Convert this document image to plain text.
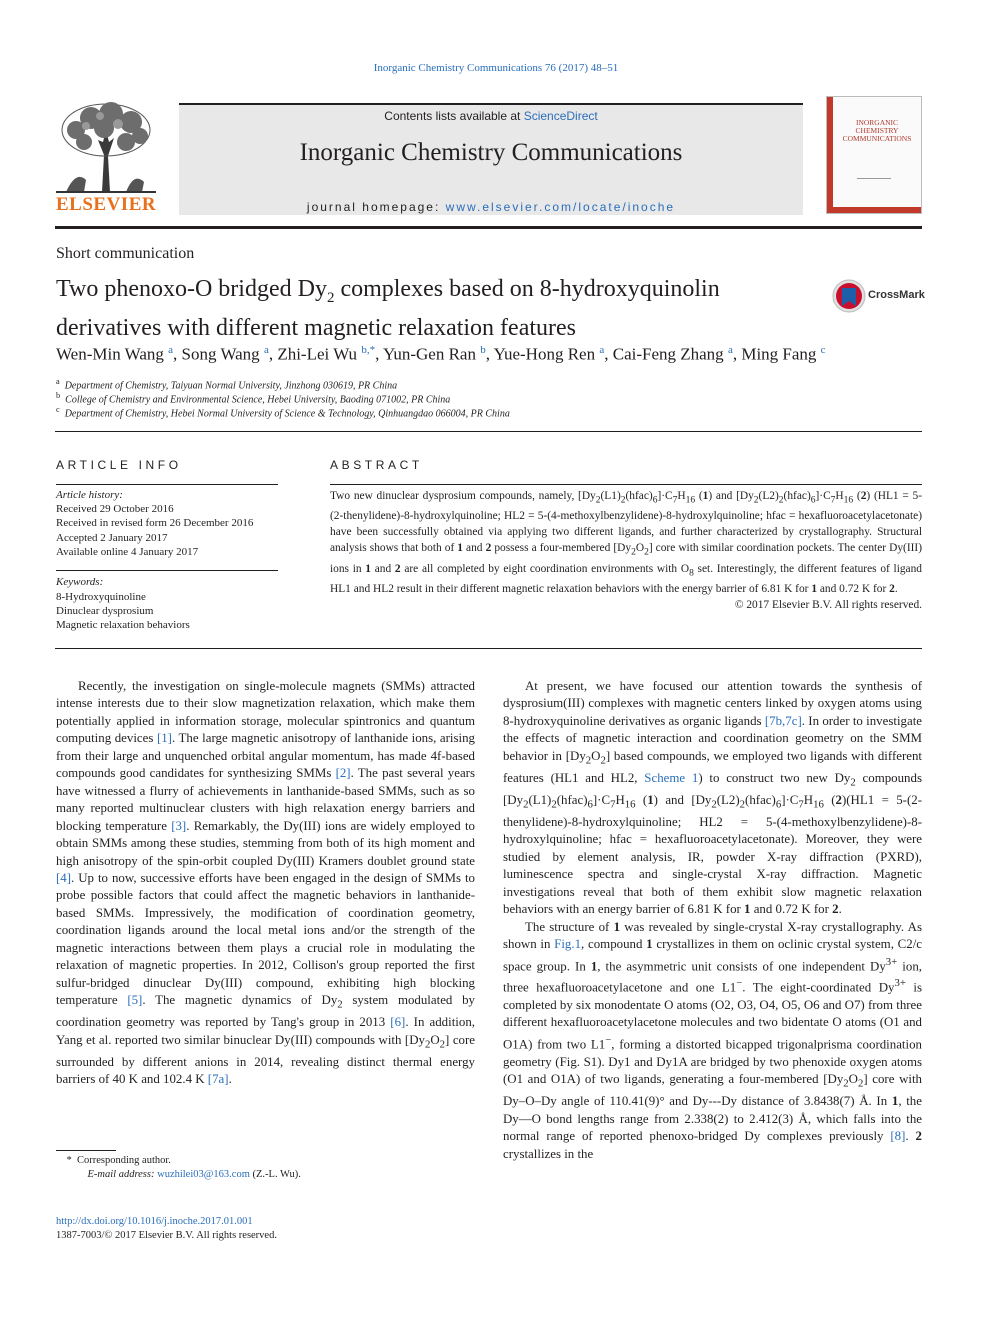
Inorganic Chemistry Communications 76 (2017) 48–51
ELSEVIER
Contents lists available at ScienceDirect
Inorganic Chemistry Communications
journal homepage: www.elsevier.com/locate/inoche
INORGANIC CHEMISTRY COMMUNICATIONS
Short communication
Two phenoxo-O bridged $Dy_2$ complexes based on 8-hydroxyquinolin
derivatives with different magnetic relaxation features
CrossMark
Wen-Min Wang $^a$, Song Wang $^a$, Zhi-Lei Wu $^{b,*}$, Yun-Gen Ran $^b$, Yue-Hong Ren $^a$, Cai-Feng Zhang $^a$, Ming Fang $^c$
$^a$ Department of Chemistry, Taiyuan Normal University, Jinzhong 030619, PR China
$^b$ College of Chemistry and Environmental Science, Hebei University, Baoding 071002, PR China
$^c$ Department of Chemistry, Hebei Normal University of Science & Technology, Qinhuangdao 066004, PR China
ARTICLE INFO
Article history:
Received 29 October 2016
Received in revised form 26 December 2016
Accepted 2 January 2017
Available online 4 January 2017
Keywords:
8-Hydroxyquinoline
Dinuclear dysprosium
Magnetic relaxation behaviors
ABSTRACT
Two new dinuclear dysprosium compounds, namely, $[Dy_2(L1)_2(hfac)_6]\cdot C_7H_{16}$ (1) and $[Dy_2(L2)_2(hfac)_6]\cdot C_7H_{16}$ (2) (HL1 = 5-(2-thenylidene)-8-hydroxylquinoline; HL2 = 5-(4-methoxylbenzylidene)-8-hydroxylquinoline; hfac = hexafluoroacetylacetonate) have been successfully obtained via applying two different ligands, and further characterized by crystallography. Structural analysis shows that both of 1 and 2 possess a four-membered $[Dy_2O_2]$ core with similar coordination pockets. The center Dy(III) ions in 1 and 2 are all completed by eight coordination environments with $O_8$ set. Interestingly, the different features of ligand HL1 and HL2 result in their different magnetic relaxation behaviors with the energy barrier of 6.81 K for 1 and 0.72 K for 2.
© 2017 Elsevier B.V. All rights reserved.

Recently, the investigation on single-molecule magnets (SMMs) attracted intense interests due to their slow magnetization relaxation, which make them potentially applied in information storage, molecular spintronics and quantum computing devices [1]. The large magnetic anisotropy of lanthanide ions, arising from their large and unquenched orbital angular momentum, has made 4f-based compounds good candidates for synthesizing SMMs [2]. The past several years have witnessed a flurry of achievements in lanthanide-based SMMs, such as so many reported multinuclear clusters with high relaxation energy barriers and blocking temperature [3]. Remarkably, the Dy(III) ions are widely employed to obtain SMMs among these studies, stemming from both of its high moment and high anisotropy of the spin-orbit coupled Dy(III) Kramers doublet ground state [4]. Up to now, successive efforts have been engaged in the design of SMMs to probe possible factors that could affect the magnetic behaviors in lanthanide-based SMMs. Impressively, the modification of coordination geometry, coordination ligands around the local metal ions and/or the strength of the magnetic interactions between them plays a crucial role in modulating the relaxation of magnetic properties. In 2012, Collison's group reported the first sulfur-bridged dinuclear Dy(III) compound, exhibiting high blocking temperature [5]. The magnetic dynamics of $Dy_2$ system modulated by coordination geometry was reported by Tang's group in 2013 [6]. In addition, Yang et al. reported two similar binuclear Dy(III) compounds with $[Dy_2O_2]$ core surrounded by different anions in 2014, revealing distinct thermal energy barriers of 40 K and 102.4 K [7a].

*  Corresponding author.
E-mail address: wuzhilei03@163.com (Z.-L. Wu).
http://dx.doi.org/10.1016/j.inoche.2017.01.001
1387-7003/© 2017 Elsevier B.V. All rights reserved.

At present, we have focused our attention towards the synthesis of dysprosium(III) complexes with magnetic centers linked by oxygen atoms using 8-hydroxyquinoline derivatives as organic ligands [7b,7c]. In order to investigate the effects of magnetic interaction and coordination geometry on the SMM behavior in $[Dy_2O_2]$ based compounds, we employed two ligands with different features (HL1 and HL2, Scheme 1) to construct two new $Dy_2$ compounds $[Dy_2(L1)_2(hfac)_6]\cdot C_7H_{16}$ (1) and $[Dy_2(L2)_2(hfac)_6]\cdot C_7H_{16}$ (2)(HL1 = 5-(2-thenylidene)-8-hydroxylquinoline; HL2 = 5-(4-methoxylbenzylidene)-8-hydroxylquinoline; hfac = hexafluoroacetylacetonate). Moreover, they were studied by element analysis, IR, powder X-ray diffraction (PXRD), luminescence spectra and single-crystal X-ray diffraction. Magnetic investigations reveal that both of them exhibit slow magnetic relaxation behaviors with an energy barrier of 6.81 K for 1 and 0.72 K for 2.

The structure of 1 was revealed by single-crystal X-ray crystallography. As shown in Fig.1, compound 1 crystallizes in them on oclinic crystal system, C2/c space group. In 1, the asymmetric unit consists of one independent $Dy^{3+}$ ion, three hexafluoroacetylacetone and one L1−. The eight-coordinated $Dy^{3+}$ is completed by six monodentate O atoms (O2, O3, O4, O5, O6 and O7) from three different hexafluoroacetylacetone molecules and two bidentate O atoms (O1 and O1A) from two L1−, forming a distorted bicapped trigonalprisma coordination geometry (Fig. S1). Dy1 and Dy1A are bridged by two phenoxide oxygen atoms (O1 and O1A) of two ligands, generating a four-membered $[Dy_2O_2]$ core with Dy–O–Dy angle of 110.41(9)° and Dy---Dy distance of 3.8438(7) Å. In 1, the Dy—O bond lengths range from 2.338(2) to 2.412(3) Å, which falls into the normal range of reported phenoxo-bridged Dy complexes previously [8]. 2 crystallizes in the
